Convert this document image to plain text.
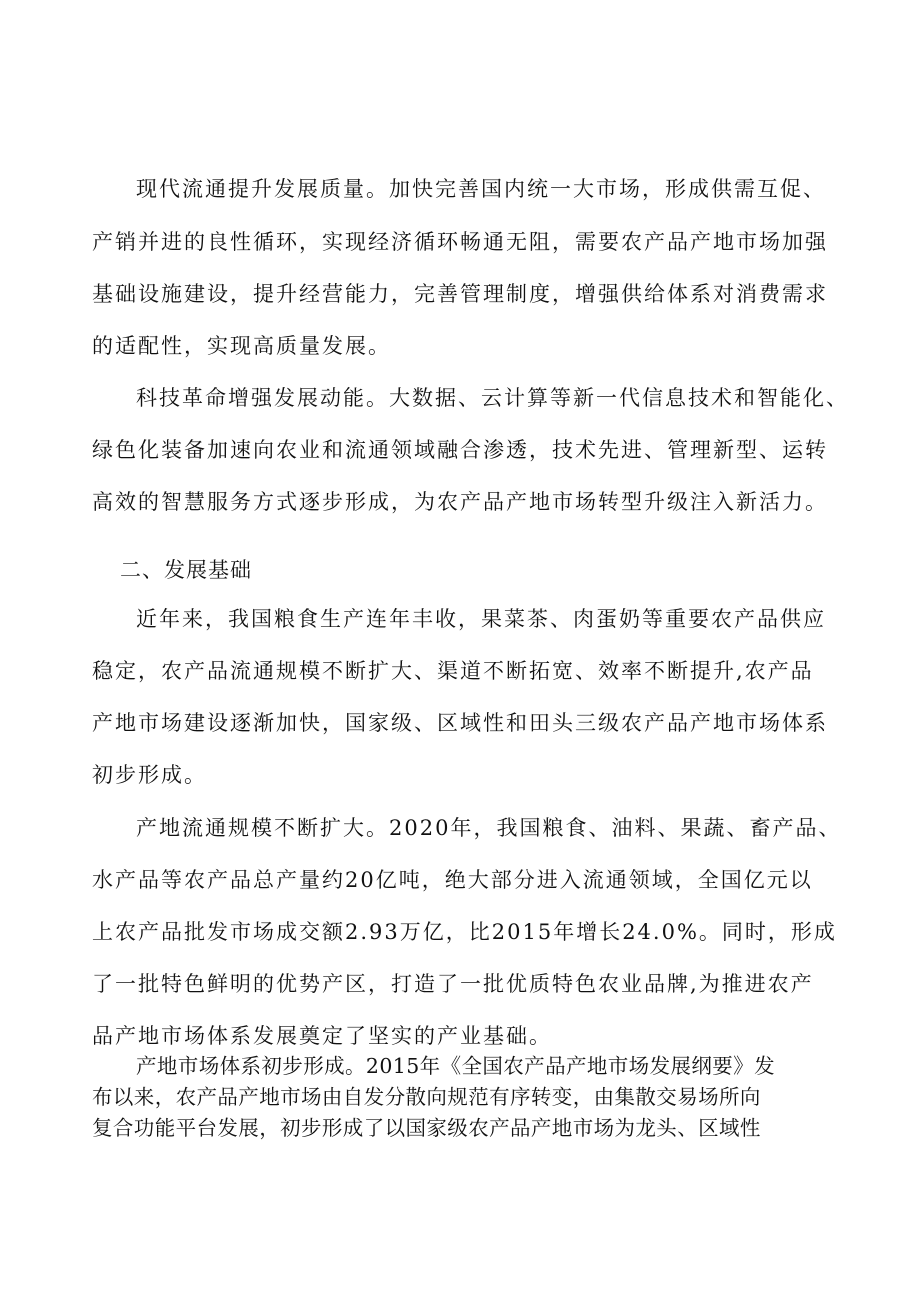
现代流通提升发展质量。加快完善国内统一大市场，形成供需互促、
产销并进的良性循环，实现经济循环畅通无阻，需要农产品产地市场加强
基础设施建设，提升经营能力，完善管理制度，增强供给体系对消费需求
的适配性，实现高质量发展。
科技革命增强发展动能。大数据、云计算等新一代信息技术和智能化、
绿色化装备加速向农业和流通领域融合渗透，技术先进、管理新型、运转
高效的智慧服务方式逐步形成，为农产品产地市场转型升级注入新活力。
二、发展基础
近年来，我国粮食生产连年丰收，果菜茶、肉蛋奶等重要农产品供应
稳定，农产品流通规模不断扩大、渠道不断拓宽、效率不断提升,农产品
产地市场建设逐渐加快，国家级、区域性和田头三级农产品产地市场体系
初步形成。
产地流通规模不断扩大。2020年，我国粮食、油料、果蔬、畜产品、
水产品等农产品总产量约20亿吨，绝大部分进入流通领域，全国亿元以
上农产品批发市场成交额2.93万亿，比2015年增长24.0%。同时，形成
了一批特色鲜明的优势产区，打造了一批优质特色农业品牌,为推进农产
品产地市场体系发展奠定了坚实的产业基础。
产地市场体系初步形成。2015年《全国农产品产地市场发展纲要》发
布以来，农产品产地市场由自发分散向规范有序转变，由集散交易场所向
复合功能平台发展，初步形成了以国家级农产品产地市场为龙头、区域性
